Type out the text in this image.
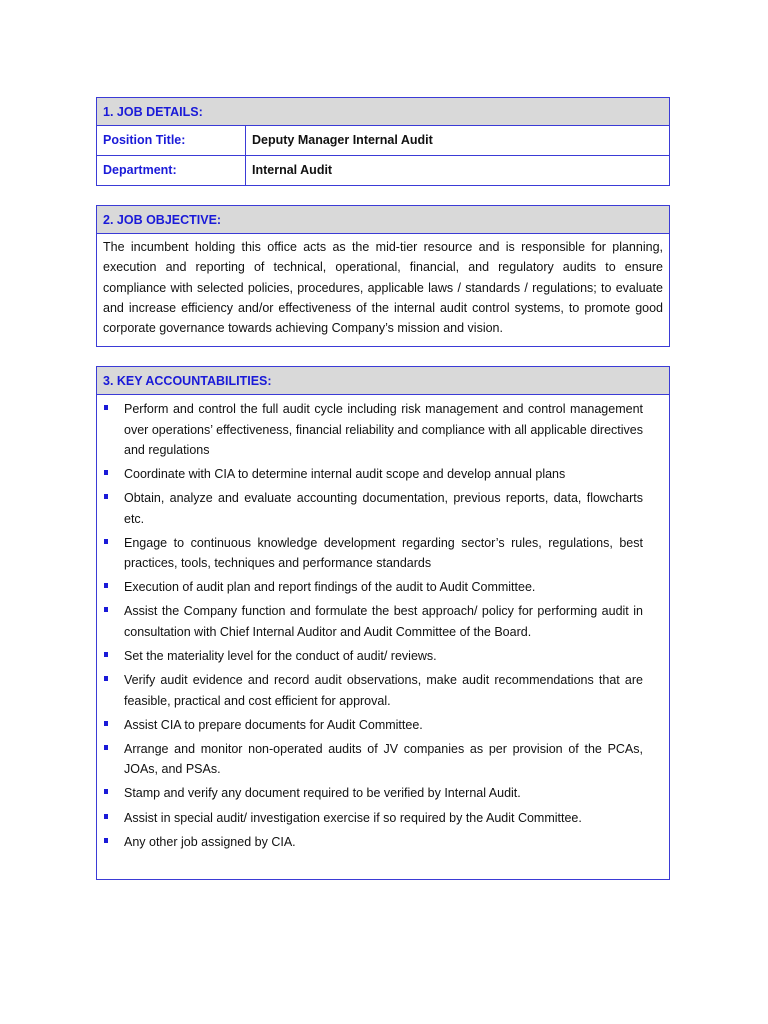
1. JOB DETAILS:
Position Title:	Deputy Manager Internal Audit
Department:	Internal Audit
2. JOB OBJECTIVE:

The incumbent holding this office acts as the mid-tier resource and is responsible for planning, execution and reporting of technical, operational, financial, and regulatory audits to ensure compliance with selected policies, procedures, applicable laws / standards / regulations; to evaluate and increase efficiency and/or effectiveness of the internal audit control systems, to promote good corporate governance towards achieving Company’s mission and vision.

3. KEY ACCOUNTABILITIES:
Perform and control the full audit cycle including risk management and control management over operations’ effectiveness, financial reliability and compliance with all applicable directives and regulations
Coordinate with CIA to determine internal audit scope and develop annual plans
Obtain, analyze and evaluate accounting documentation, previous reports, data, flowcharts etc.
Engage to continuous knowledge development regarding sector’s rules, regulations, best practices, tools, techniques and performance standards
Execution of audit plan and report findings of the audit to Audit Committee.
Assist the Company function and formulate the best approach/ policy for performing audit in consultation with Chief Internal Auditor and Audit Committee of the Board.
Set the materiality level for the conduct of audit/ reviews.
Verify audit evidence and record audit observations, make audit recommendations that are feasible, practical and cost efficient for approval.
Assist CIA to prepare documents for Audit Committee.
Arrange and monitor non-operated audits of JV companies as per provision of the PCAs, JOAs, and PSAs.
Stamp and verify any document required to be verified by Internal Audit.
Assist in special audit/ investigation exercise if so required by the Audit Committee.
Any other job assigned by CIA.
